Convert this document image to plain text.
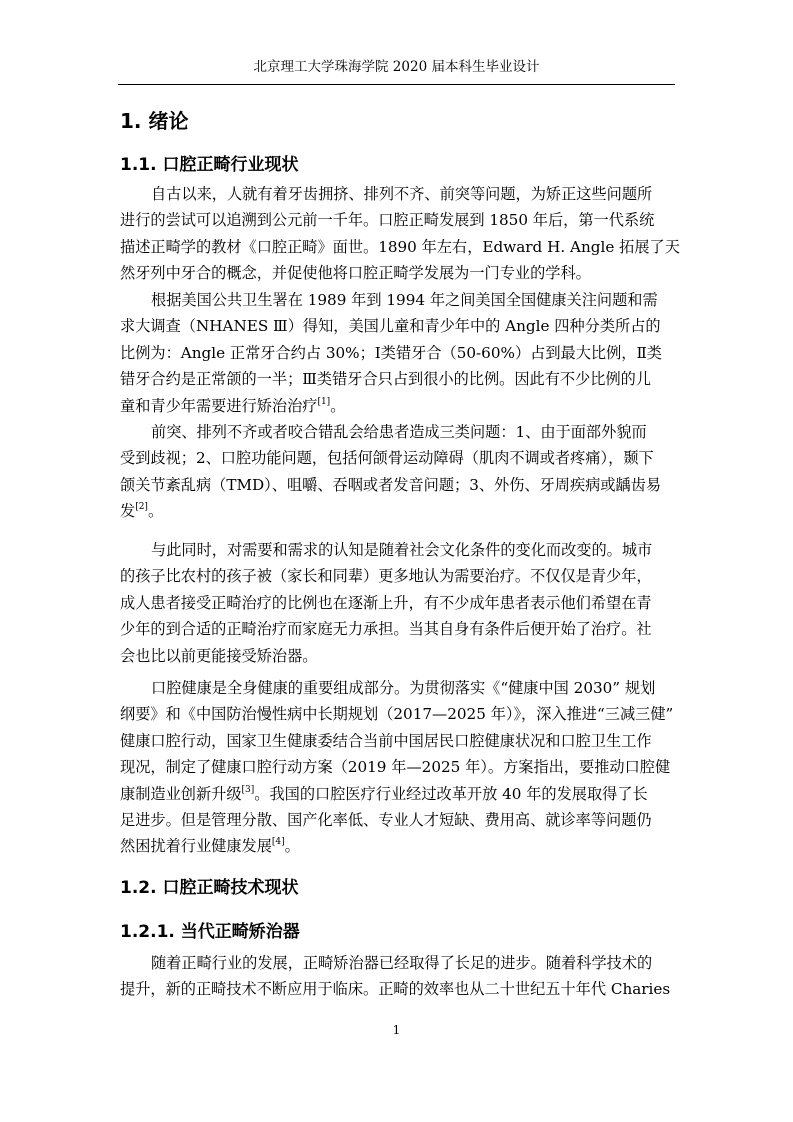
北京理工大学珠海学院 2020 届本科生毕业设计
1. 绪论
1.1. 口腔正畸行业现状
自古以来，人就有着牙齿拥挤、排列不齐、前突等问题，为矫正这些问题所
进行的尝试可以追溯到公元前一千年。口腔正畸发展到 1850 年后，第一代系统
描述正畸学的教材《口腔正畸》面世。1890 年左右，Edward H. Angle 拓展了天
然牙列中牙合的概念，并促使他将口腔正畸学发展为一门专业的学科。
根据美国公共卫生署在 1989 年到 1994 年之间美国全国健康关注问题和需
求大调查（NHANES Ⅲ）得知，美国儿童和青少年中的 Angle 四种分类所占的
比例为：Angle 正常牙合约占 30%；Ⅰ类错牙合（50-60%）占到最大比例，Ⅱ类
错牙合约是正常颌的一半；Ⅲ类错牙合只占到很小的比例。因此有不少比例的儿
童和青少年需要进行矫治治疗[1]。
前突、排列不齐或者咬合错乱会给患者造成三类问题：1、由于面部外貌而
受到歧视；2、口腔功能问题，包括何颌骨运动障碍（肌肉不调或者疼痛），颞下
颌关节紊乱病（TMD）、咀嚼、吞咽或者发音问题；3、外伤、牙周疾病或龋齿易
发[2]。
与此同时，对需要和需求的认知是随着社会文化条件的变化而改变的。城市
的孩子比农村的孩子被（家长和同辈）更多地认为需要治疗。不仅仅是青少年，
成人患者接受正畸治疗的比例也在逐渐上升，有不少成年患者表示他们希望在青
少年的到合适的正畸治疗而家庭无力承担。当其自身有条件后便开始了治疗。社
会也比以前更能接受矫治器。
口腔健康是全身健康的重要组成部分。为贯彻落实《“健康中国 2030” 规划
纲要》和《中国防治慢性病中长期规划（2017—2025 年）》，深入推进“三减三健”
健康口腔行动，国家卫生健康委结合当前中国居民口腔健康状况和口腔卫生工作
现况，制定了健康口腔行动方案（2019 年—2025 年）。方案指出，要推动口腔健
康制造业创新升级[3]。我国的口腔医疗行业经过改革开放 40 年的发展取得了长
足进步。但是管理分散、国产化率低、专业人才短缺、费用高、就诊率等问题仍
然困扰着行业健康发展[4]。
1.2. 口腔正畸技术现状
1.2.1. 当代正畸矫治器
随着正畸行业的发展，正畸矫治器已经取得了长足的进步。随着科学技术的
提升，新的正畸技术不断应用于临床。正畸的效率也从二十世纪五十年代 Charies
1
